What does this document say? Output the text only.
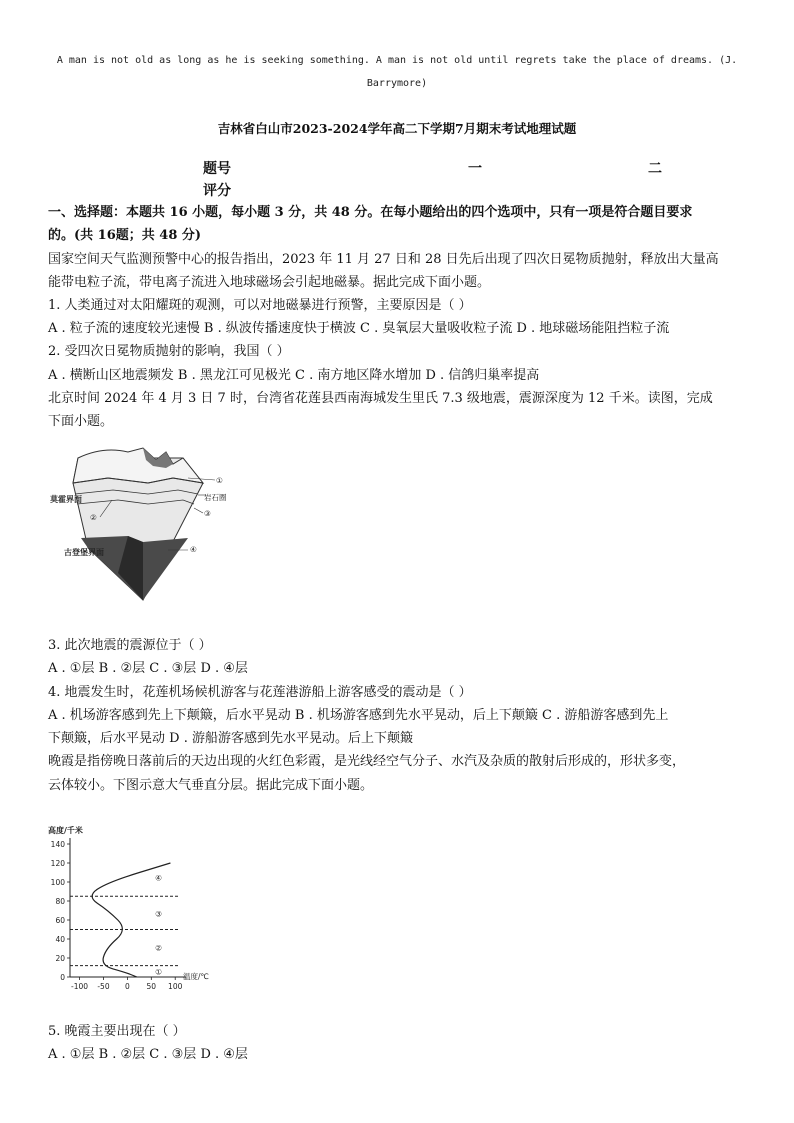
A man is not old as long as he is seeking something. A man is not old until regrets take the place of dreams. (J.
Barrymore)
吉林省白山市2023-2024学年高二下学期7月期末考试地理试题
题号	一	二
评分
一、选择题：本题共 16 小题，每小题 3 分，共 48 分。在每小题给出的四个选项中，只有一项是符合题目要求
的。(共 16题；共 48 分)
国家空间天气监测预警中心的报告指出，2023 年 11 月 27 日和 28 日先后出现了四次日冕物质抛射，释放出大量高
能带电粒子流，带电离子流进入地球磁场会引起地磁暴。据此完成下面小题。
1. 人类通过对太阳耀斑的观测，可以对地磁暴进行预警，主要原因是（ ）
A . 粒子流的速度较光速慢 B . 纵波传播速度快于横波 C . 臭氧层大量吸收粒子流 D . 地球磁场能阻挡粒子流
2. 受四次日冕物质抛射的影响，我国（ ）
A . 横断山区地震频发 B . 黑龙江可见极光 C . 南方地区降水增加 D . 信鸽归巢率提高
北京时间 2024 年 4 月 3 日 7 时，台湾省花莲县西南海城发生里氏 7.3 级地震，震源深度为 12 千米。读图，完成
下面小题。
莫霍界面
古登堡界面
岩石圈
①
②	③
④
3. 此次地震的震源位于（ ）
A . ①层 B . ②层 C . ③层 D . ④层
4. 地震发生时，花莲机场候机游客与花莲港游船上游客感受的震动是（ ）
A . 机场游客感到先上下颠簸，后水平晃动 B . 机场游客感到先水平晃动，后上下颠簸 C . 游船游客感到先上
下颠簸，后水平晃动 D . 游船游客感到先水平晃动。后上下颠簸
晚霞是指傍晚日落前后的天边出现的火红色彩霞，是光线经空气分子、水汽及杂质的散射后形成的，形状多变，
云体较小。下图示意大气垂直分层。据此完成下面小题。
高度/千米
140
120
100
80
60
40
20
0
-100 -50 0 50 100
①
②
③
④
温度/℃
5. 晚霞主要出现在（ ）
A . ①层 B . ②层 C . ③层 D . ④层
